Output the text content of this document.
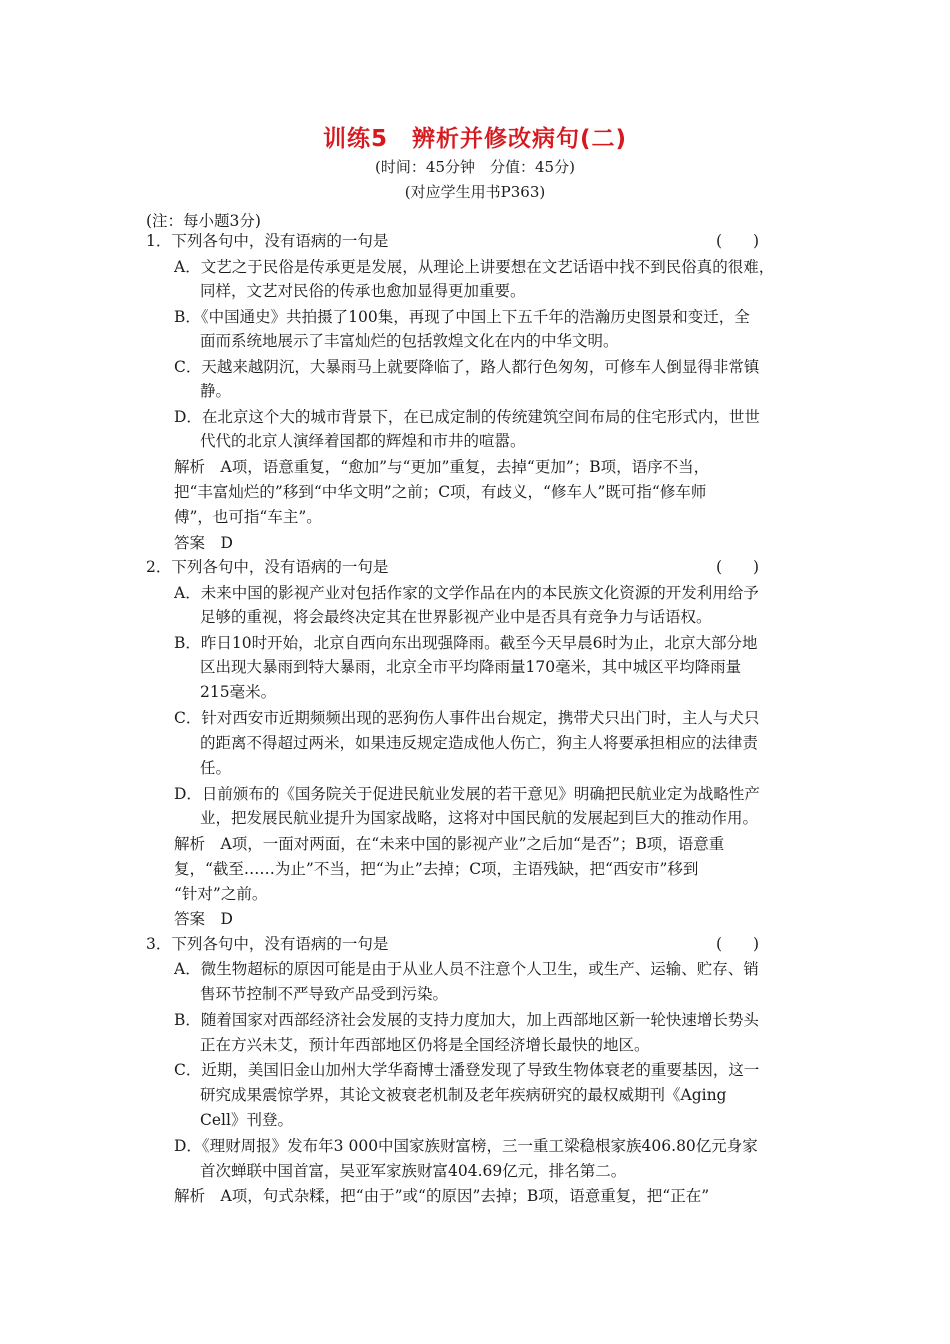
训练5　辨析并修改病句(二)
(时间：45分钟　分值：45分)
(对应学生用书P363)
(注：每小题3分)
1．下列各句中，没有语病的一句是	(　　)
A．文艺之于民俗是传承更是发展，从理论上讲要想在文艺话语中找不到民俗真的很难，
同样，文艺对民俗的传承也愈加显得更加重要。
B．《中国通史》共拍摄了100集，再现了中国上下五千年的浩瀚历史图景和变迁，全
面而系统地展示了丰富灿烂的包括敦煌文化在内的中华文明。
C．天越来越阴沉，大暴雨马上就要降临了，路人都行色匆匆，可修车人倒显得非常镇
静。
D．在北京这个大的城市背景下，在已成定制的传统建筑空间布局的住宅形式内，世世
代代的北京人演绎着国都的辉煌和市井的喧嚣。
解析　A项，语意重复，“愈加”与“更加”重复，去掉“更加”；B项，语序不当，
把“丰富灿烂的”移到“中华文明”之前；C项，有歧义，“修车人”既可指“修车师
傅”，也可指“车主”。
答案　D
2．下列各句中，没有语病的一句是	(　　)
A．未来中国的影视产业对包括作家的文学作品在内的本民族文化资源的开发利用给予
足够的重视，将会最终决定其在世界影视产业中是否具有竞争力与话语权。
B．昨日10时开始，北京自西向东出现强降雨。截至今天早晨6时为止，北京大部分地
区出现大暴雨到特大暴雨，北京全市平均降雨量170毫米，其中城区平均降雨量
215毫米。
C．针对西安市近期频频出现的恶狗伤人事件出台规定，携带犬只出门时，主人与犬只
的距离不得超过两米，如果违反规定造成他人伤亡，狗主人将要承担相应的法律责
任。
D．日前颁布的《国务院关于促进民航业发展的若干意见》明确把民航业定为战略性产
业，把发展民航业提升为国家战略，这将对中国民航的发展起到巨大的推动作用。
解析　A项，一面对两面，在“未来中国的影视产业”之后加“是否”；B项，语意重
复，“截至……为止”不当，把“为止”去掉；C项，主语残缺，把“西安市”移到
“针对”之前。
答案　D
3．下列各句中，没有语病的一句是	(　　)
A．微生物超标的原因可能是由于从业人员不注意个人卫生，或生产、运输、贮存、销
售环节控制不严导致产品受到污染。
B．随着国家对西部经济社会发展的支持力度加大，加上西部地区新一轮快速增长势头
正在方兴未艾，预计年西部地区仍将是全国经济增长最快的地区。
C．近期，美国旧金山加州大学华裔博士潘登发现了导致生物体衰老的重要基因，这一
研究成果震惊学界，其论文被衰老机制及老年疾病研究的最权威期刊《Aging
Cell》刊登。
D．《理财周报》发布年3 000中国家族财富榜，三一重工梁稳根家族406.80亿元身家
首次蝉联中国首富，吴亚军家族财富404.69亿元，排名第二。
解析　A项，句式杂糅，把“由于”或“的原因”去掉；B项，语意重复，把“正在”
